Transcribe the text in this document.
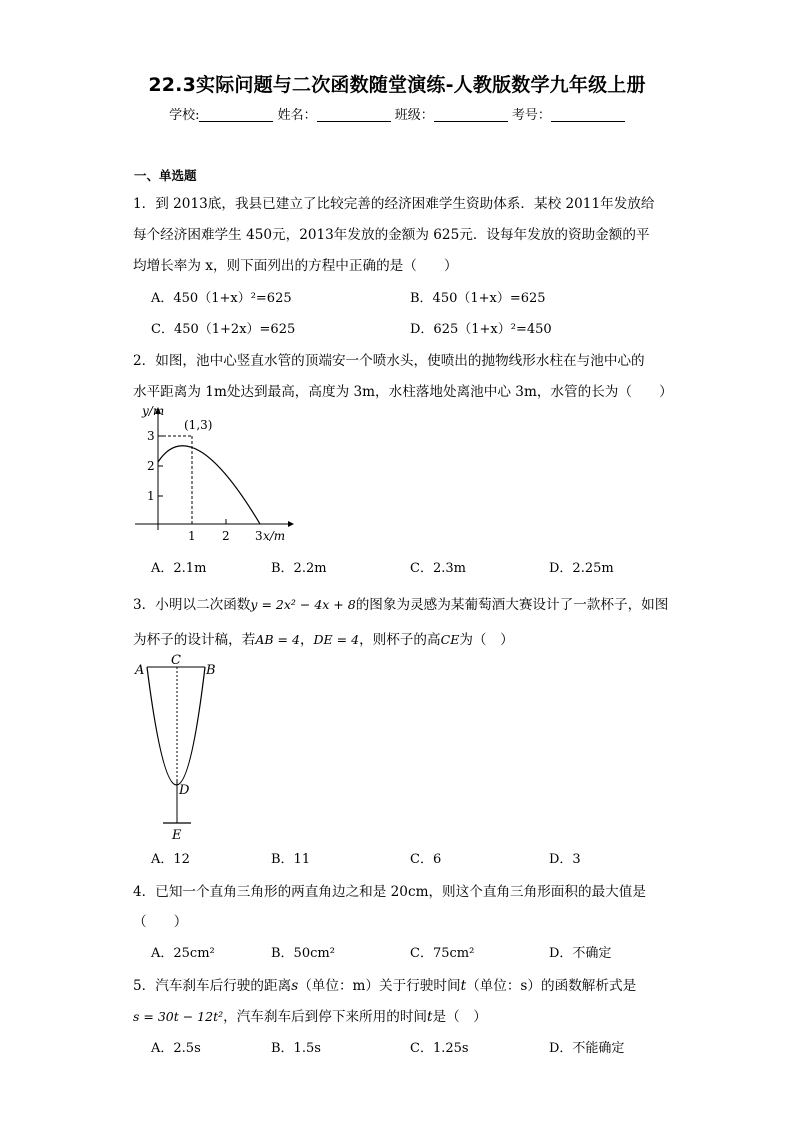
22.3实际问题与二次函数随堂演练-人教版数学九年级上册
学校:	姓名：	班级：	考号：
一、单选题
1．到 2013底，我县已建立了比较完善的经济困难学生资助体系．某校 2011年发放给
每个经济困难学生 450元，2013年发放的金额为 625元．设每年发放的资助金额的平
均增长率为 x，则下面列出的方程中正确的是（　　）
A．450（1+x）²=625	B．450（1+x）=625
C．450（1+2x）=625	D．625（1+x）²=450
2．如图，池中心竖直水管的顶端安一个喷水头，使喷出的抛物线形水柱在与池中心的
水平距离为 1m处达到最高，高度为 3m，水柱落地处离池中心 3m，水管的长为（　　）
y/m
(1,3)
3
2
1
1 2 3 x/m
A．2.1m	B．2.2m	C．2.3m	D．2.25m
3．小明以二次函数y = 2x² − 4x + 8的图象为灵感为某葡萄酒大赛设计了一款杯子，如图
为杯子的设计稿，若AB = 4，DE = 4，则杯子的高CE为（　）
A
C
B
D
E
A．12	B．11	C．6	D．3
4．已知一个直角三角形的两直角边之和是 20cm，则这个直角三角形面积的最大值是
（　　）
A．25cm²	B．50cm²	C．75cm²	D．不确定
5．汽车刹车后行驶的距离s（单位：m）关于行驶时间t（单位：s）的函数解析式是
s = 30t − 12t²，汽车刹车后到停下来所用的时间t是（　）
A．2.5s	B．1.5s	C．1.25s	D．不能确定
